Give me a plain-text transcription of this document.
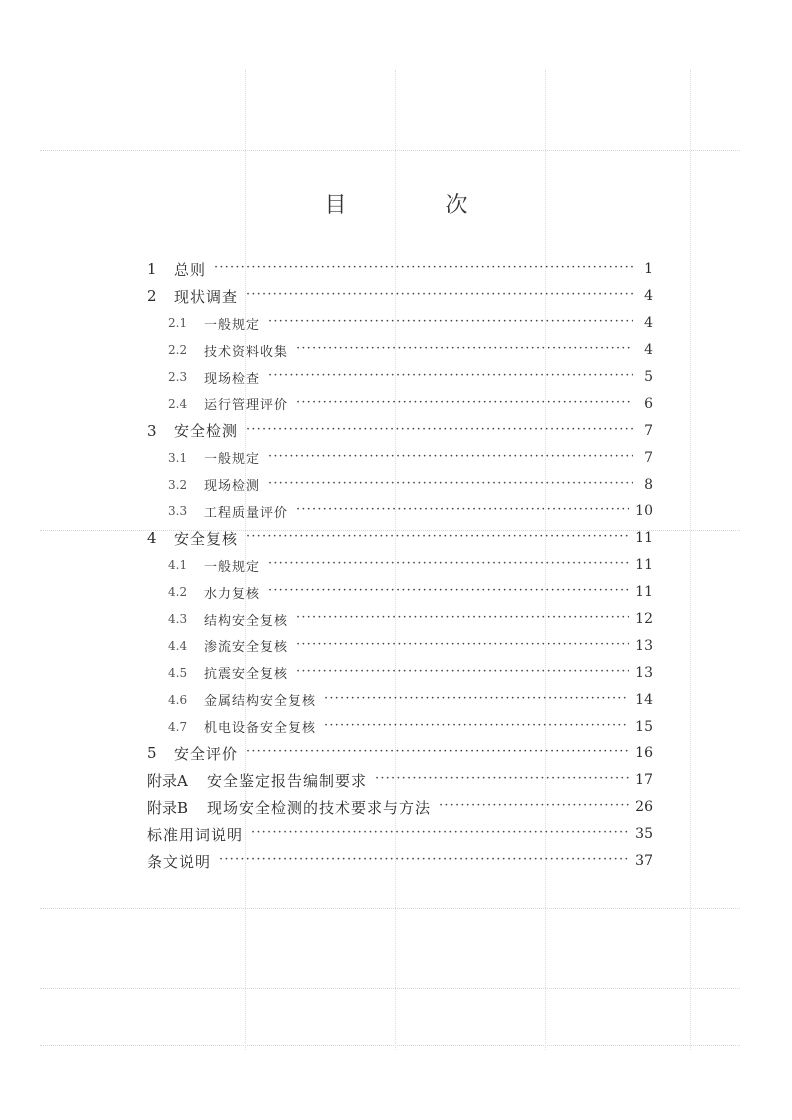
目 次
1	总则 ·····	1
2	现状调查 ·····	4
2.1	一般规定 ·····	4
2.2	技术资料收集 ·····	4
2.3	现场检查 ·····	5
2.4	运行管理评价 ·····	6
3	安全检测 ·····	7
3.1	一般规定 ·····	7
3.2	现场检测 ·····	8
3.3	工程质量评价 ·····	10
4	安全复核 ·····	11
4.1	一般规定 ·····	11
4.2	水力复核 ·····	11
4.3	结构安全复核 ·····	12
4.4	渗流安全复核 ·····	13
4.5	抗震安全复核 ·····	13
4.6	金属结构安全复核 ·····	14
4.7	机电设备安全复核 ·····	15
5	安全评价 ·····	16
附录A	安全鉴定报告编制要求 ·····	17
附录B	现场安全检测的技术要求与方法 ·····	26
标准用词说明 ·····	35
条文说明 ·····	37
